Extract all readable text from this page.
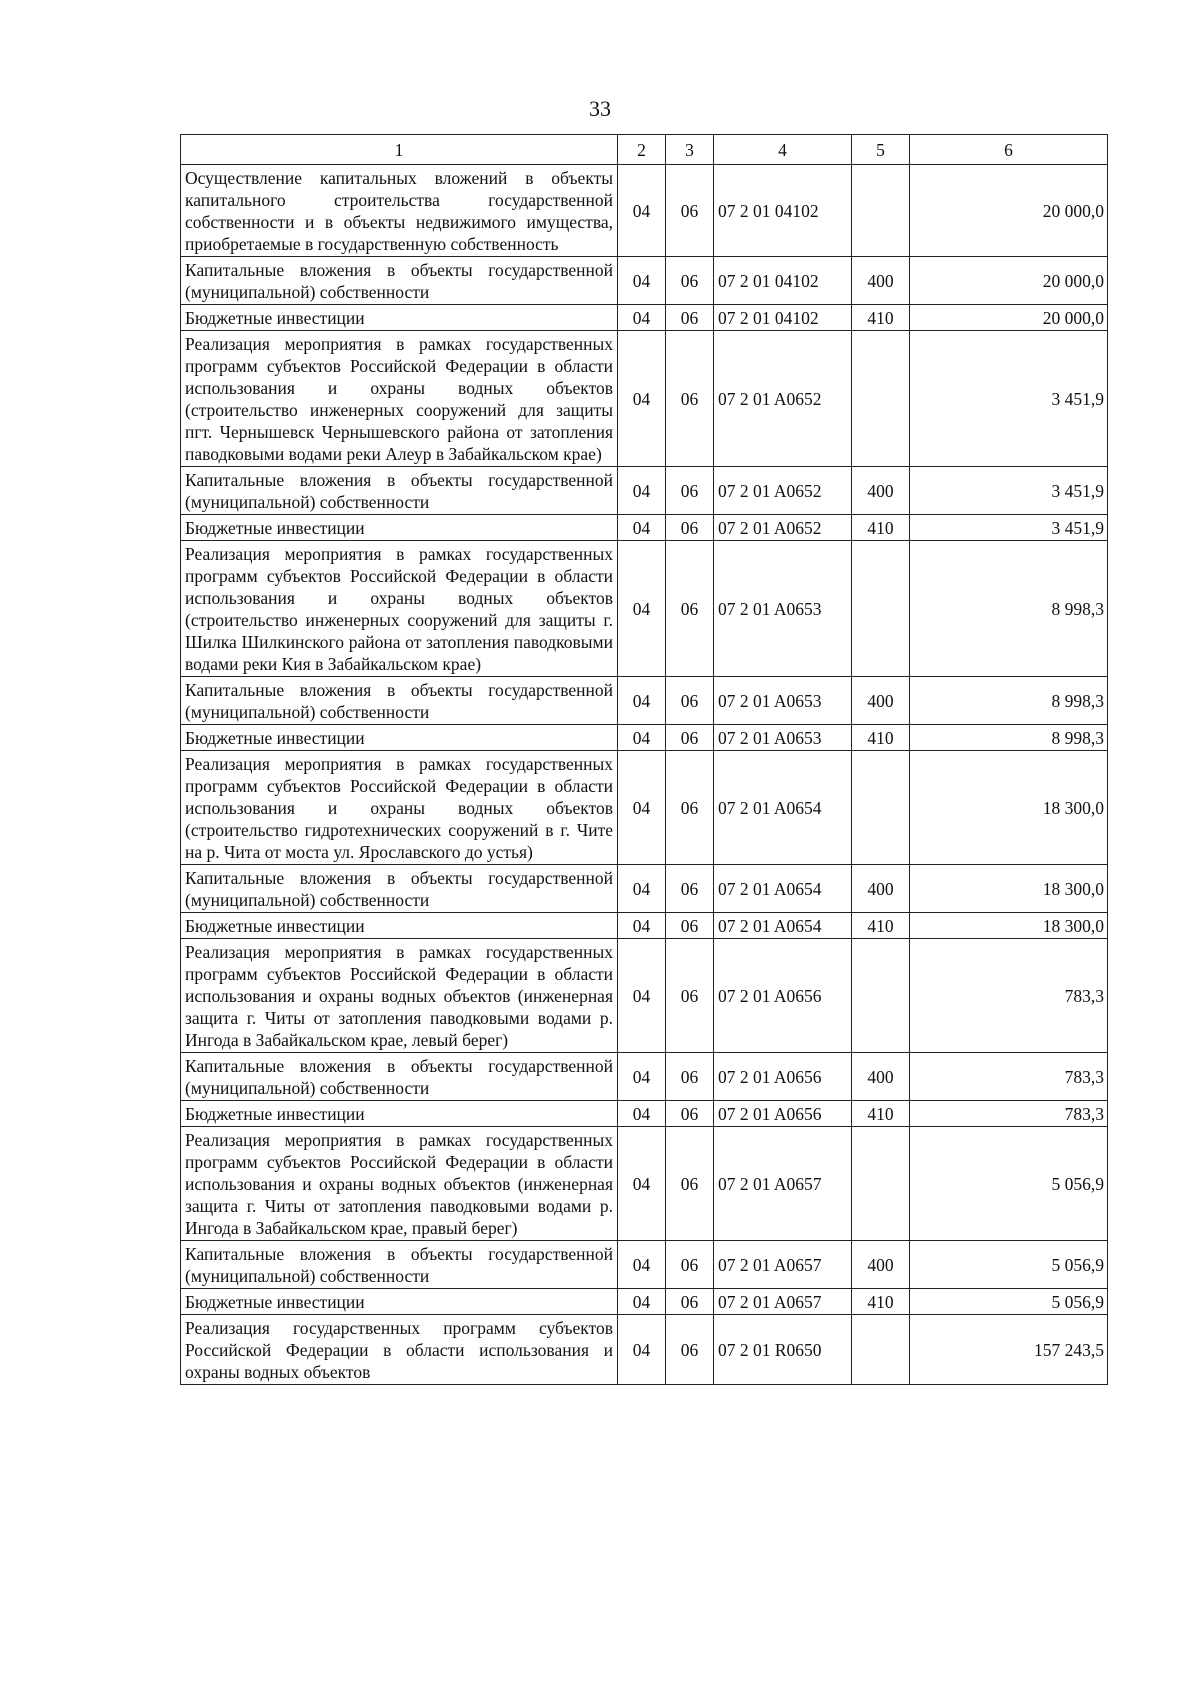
33
1	2	3	4	5	6
Осуществление капитальных вложений в объекты капитального строительства государственной собственности и в объекты недвижимого имущества, приобретаемые в государственную собственность	04	06	07 2 01 04102		20 000,0
Капитальные вложения в объекты государственной (муниципальной) собственности	04	06	07 2 01 04102	400	20 000,0
Бюджетные инвестиции	04	06	07 2 01 04102	410	20 000,0
Реализация мероприятия в рамках государственных программ субъектов Российской Федерации в области использования и охраны водных объектов (строительство инженерных сооружений для защиты пгт. Чернышевск Чернышевского района от затопления паводковыми водами реки Алеур в Забайкальском крае)	04	06	07 2 01 A0652		3 451,9
Капитальные вложения в объекты государственной (муниципальной) собственности	04	06	07 2 01 A0652	400	3 451,9
Бюджетные инвестиции	04	06	07 2 01 A0652	410	3 451,9
Реализация мероприятия в рамках государственных программ субъектов Российской Федерации в области использования и охраны водных объектов (строительство инженерных сооружений для защиты г. Шилка Шилкинского района от затопления паводковыми водами реки Кия в Забайкальском крае)	04	06	07 2 01 A0653		8 998,3
Капитальные вложения в объекты государственной (муниципальной) собственности	04	06	07 2 01 A0653	400	8 998,3
Бюджетные инвестиции	04	06	07 2 01 A0653	410	8 998,3
Реализация мероприятия в рамках государственных программ субъектов Российской Федерации в области использования и охраны водных объектов (строительство гидротехнических сооружений в г. Чите на р. Чита от моста ул. Ярославского до устья)	04	06	07 2 01 A0654		18 300,0
Капитальные вложения в объекты государственной (муниципальной) собственности	04	06	07 2 01 A0654	400	18 300,0
Бюджетные инвестиции	04	06	07 2 01 A0654	410	18 300,0
Реализация мероприятия в рамках государственных программ субъектов Российской Федерации в области использования и охраны водных объектов (инженерная защита г. Читы от затопления паводковыми водами р. Ингода в Забайкальском крае, левый берег)	04	06	07 2 01 A0656		783,3
Капитальные вложения в объекты государственной (муниципальной) собственности	04	06	07 2 01 A0656	400	783,3
Бюджетные инвестиции	04	06	07 2 01 A0656	410	783,3
Реализация мероприятия в рамках государственных программ субъектов Российской Федерации в области использования и охраны водных объектов (инженерная защита г. Читы от затопления паводковыми водами р. Ингода в Забайкальском крае, правый берег)	04	06	07 2 01 A0657		5 056,9
Капитальные вложения в объекты государственной (муниципальной) собственности	04	06	07 2 01 A0657	400	5 056,9
Бюджетные инвестиции	04	06	07 2 01 A0657	410	5 056,9
Реализация государственных программ субъектов Российской Федерации в области использования и охраны водных объектов	04	06	07 2 01 R0650		157 243,5
